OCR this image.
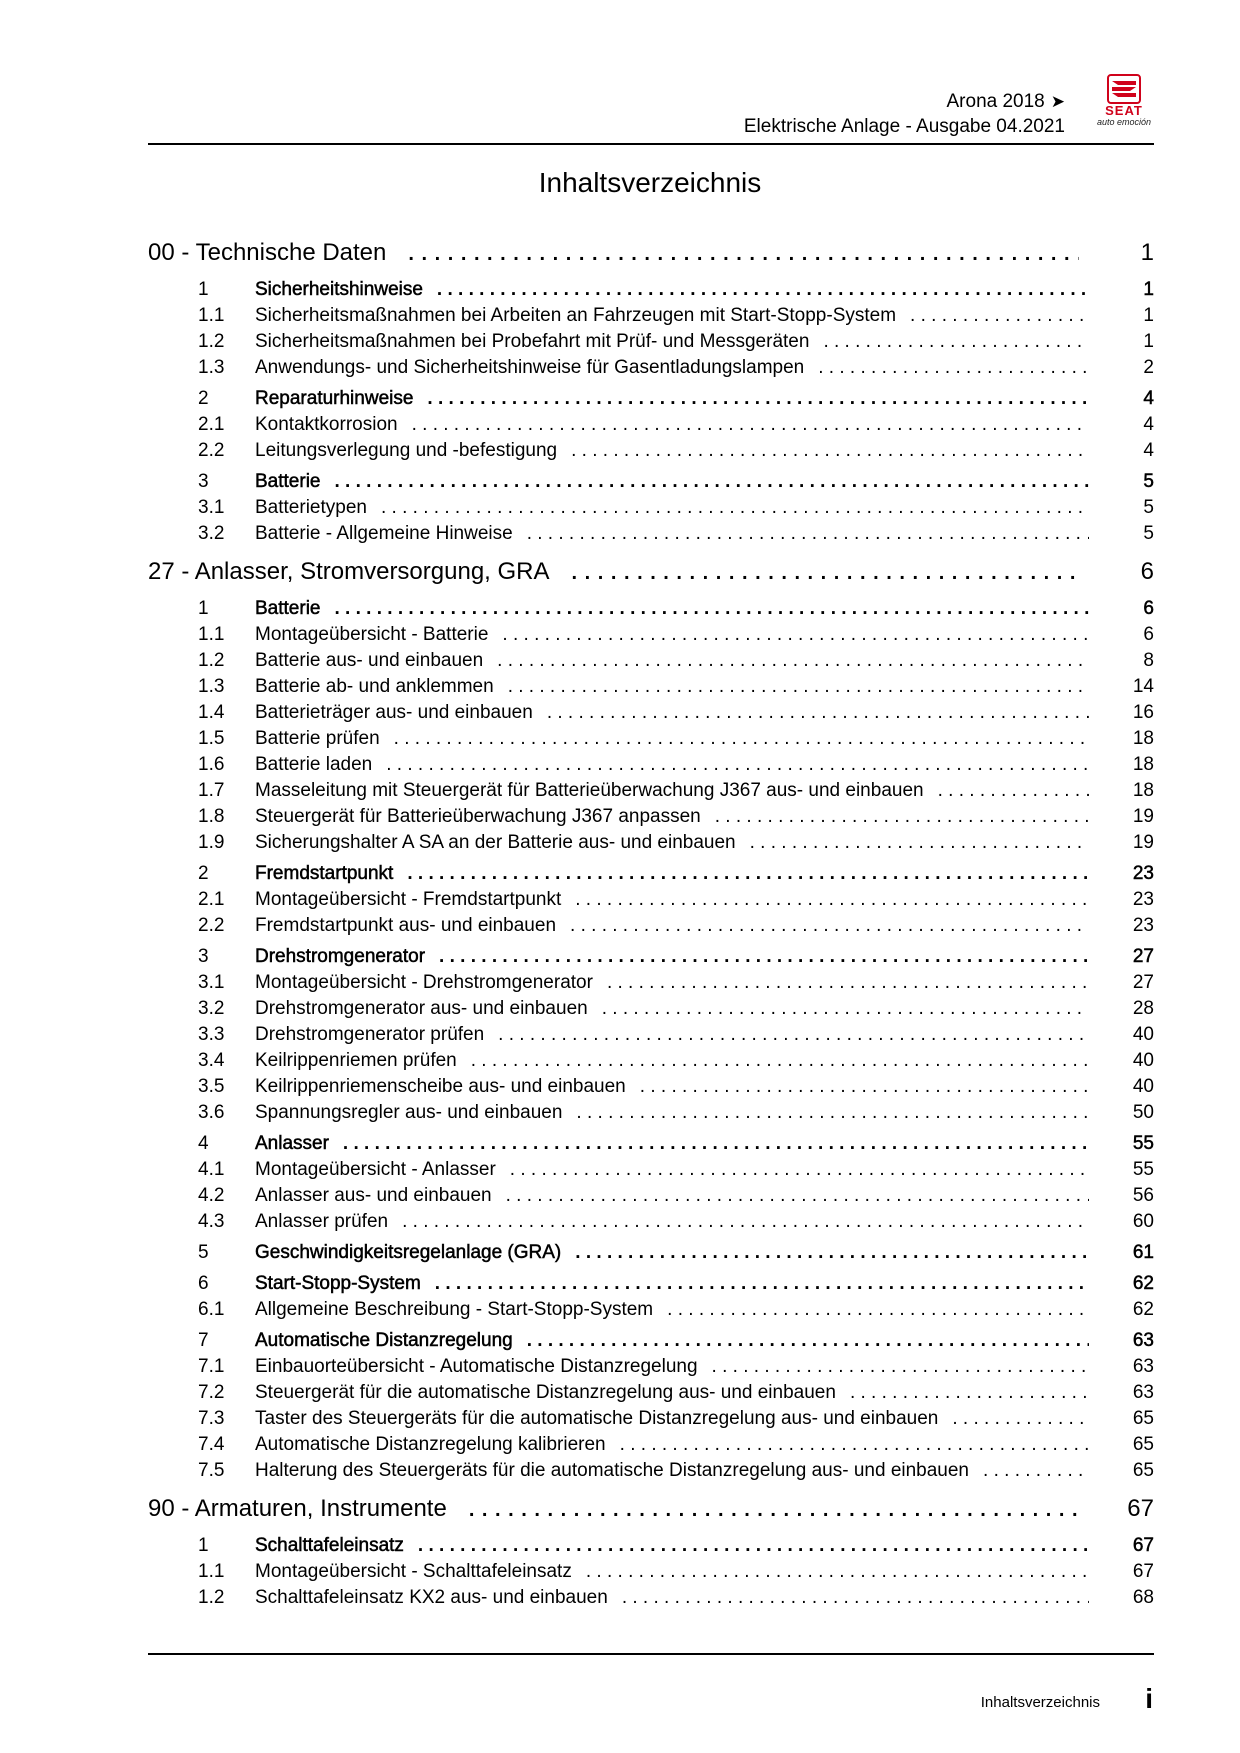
Arona 2018 ➤
Elektrische Anlage - Ausgabe 04.2021
SEAT
auto emoción
Inhaltsverzeichnis
00 - Technische Daten . . .	1
1	Sicherheitshinweise . . .	1
1.1	Sicherheitsmaßnahmen bei Arbeiten an Fahrzeugen mit Start-Stopp-System . . .	1
1.2	Sicherheitsmaßnahmen bei Probefahrt mit Prüf- und Messgeräten . . .	1
1.3	Anwendungs- und Sicherheitshinweise für Gasentladungslampen . . .	2
2	Reparaturhinweise . . .	4
2.1	Kontaktkorrosion . . .	4
2.2	Leitungsverlegung und -befestigung . . .	4
3	Batterie . . .	5
3.1	Batterietypen . . .	5
3.2	Batterie - Allgemeine Hinweise . . .	5
27 - Anlasser, Stromversorgung, GRA . . .	6
1	Batterie . . .	6
1.1	Montageübersicht - Batterie . . .	6
1.2	Batterie aus- und einbauen . . .	8
1.3	Batterie ab- und anklemmen . . .	14
1.4	Batterieträger aus- und einbauen . . .	16
1.5	Batterie prüfen . . .	18
1.6	Batterie laden . . .	18
1.7	Masseleitung mit Steuergerät für Batterieüberwachung J367 aus- und einbauen . . .	18
1.8	Steuergerät für Batterieüberwachung J367 anpassen . . .	19
1.9	Sicherungshalter A SA an der Batterie aus- und einbauen . . .	19
2	Fremdstartpunkt . . .	23
2.1	Montageübersicht - Fremdstartpunkt . . .	23
2.2	Fremdstartpunkt aus- und einbauen . . .	23
3	Drehstromgenerator . . .	27
3.1	Montageübersicht - Drehstromgenerator . . .	27
3.2	Drehstromgenerator aus- und einbauen . . .	28
3.3	Drehstromgenerator prüfen . . .	40
3.4	Keilrippenriemen prüfen . . .	40
3.5	Keilrippenriemenscheibe aus- und einbauen . . .	40
3.6	Spannungsregler aus- und einbauen . . .	50
4	Anlasser . . .	55
4.1	Montageübersicht - Anlasser . . .	55
4.2	Anlasser aus- und einbauen . . .	56
4.3	Anlasser prüfen . . .	60
5	Geschwindigkeitsregelanlage (GRA) . . .	61
6	Start-Stopp-System . . .	62
6.1	Allgemeine Beschreibung - Start-Stopp-System . . .	62
7	Automatische Distanzregelung . . .	63
7.1	Einbauorteübersicht - Automatische Distanzregelung . . .	63
7.2	Steuergerät für die automatische Distanzregelung aus- und einbauen . . .	63
7.3	Taster des Steuergeräts für die automatische Distanzregelung aus- und einbauen . . .	65
7.4	Automatische Distanzregelung kalibrieren . . .	65
7.5	Halterung des Steuergeräts für die automatische Distanzregelung aus- und einbauen . . .	65
90 - Armaturen, Instrumente . . .	67
1	Schalttafeleinsatz . . .	67
1.1	Montageübersicht - Schalttafeleinsatz . . .	67
1.2	Schalttafeleinsatz KX2 aus- und einbauen . . .	68
Inhaltsverzeichnis i
